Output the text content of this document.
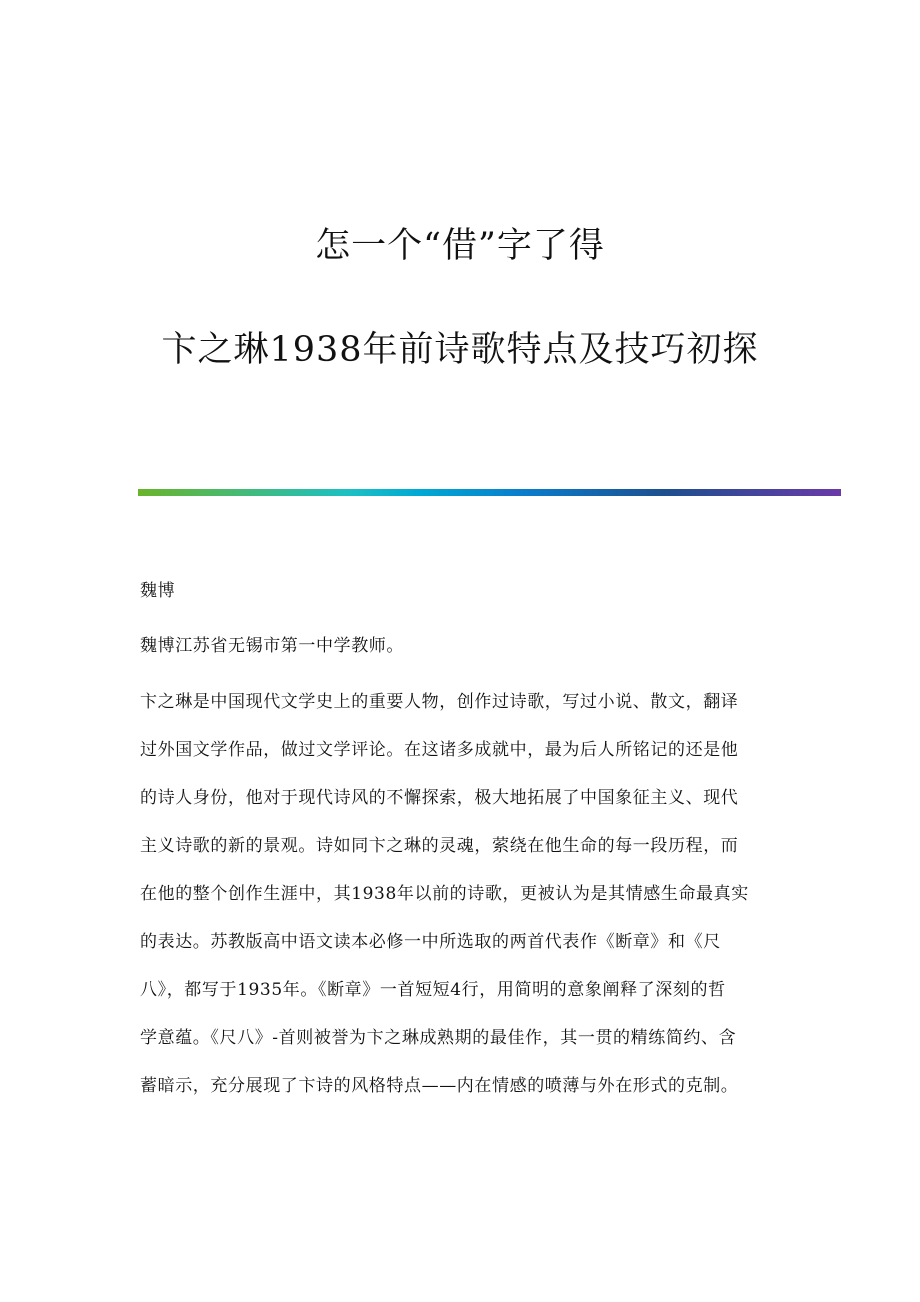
怎一个“借”字了得
卞之琳1938年前诗歌特点及技巧初探
魏博
魏博江苏省无锡市第一中学教师。
卞之琳是中国现代文学史上的重要人物，创作过诗歌，写过小说、散文，翻译
过外国文学作品，做过文学评论。在这诸多成就中，最为后人所铭记的还是他
的诗人身份，他对于现代诗风的不懈探索，极大地拓展了中国象征主义、现代
主义诗歌的新的景观。诗如同卞之琳的灵魂，萦绕在他生命的每一段历程，而
在他的整个创作生涯中，其1938年以前的诗歌，更被认为是其情感生命最真实
的表达。苏教版高中语文读本必修一中所选取的两首代表作《断章》和《尺
八》，都写于1935年。《断章》一首短短4行，用简明的意象阐释了深刻的哲
学意蕴。《尺八》-首则被誉为卞之琳成熟期的最佳作，其一贯的精练简约、含
蓄暗示，充分展现了卞诗的风格特点——内在情感的喷薄与外在形式的克制。
